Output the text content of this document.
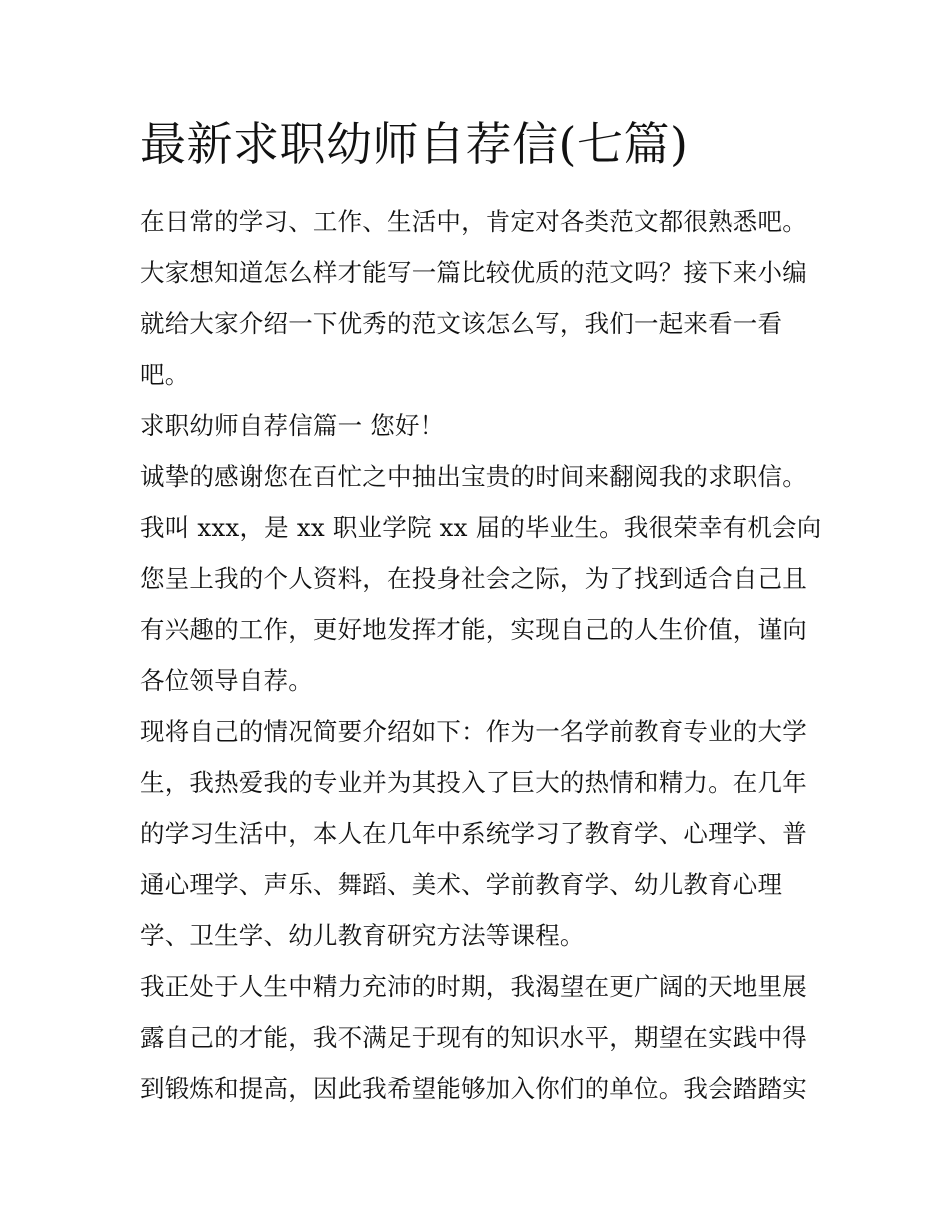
最新求职幼师自荐信(七篇)
在日常的学习、工作、生活中，肯定对各类范文都很熟悉吧。
大家想知道怎么样才能写一篇比较优质的范文吗？接下来小编
就给大家介绍一下优秀的范文该怎么写，我们一起来看一看
吧。
求职幼师自荐信篇一 您好！
诚挚的感谢您在百忙之中抽出宝贵的时间来翻阅我的求职信。
我叫 xxx，是 xx 职业学院 xx 届的毕业生。我很荣幸有机会向
您呈上我的个人资料，在投身社会之际，为了找到适合自己且
有兴趣的工作，更好地发挥才能，实现自己的人生价值，谨向
各位领导自荐。
现将自己的情况简要介绍如下：作为一名学前教育专业的大学
生，我热爱我的专业并为其投入了巨大的热情和精力。在几年
的学习生活中，本人在几年中系统学习了教育学、心理学、普
通心理学、声乐、舞蹈、美术、学前教育学、幼儿教育心理
学、卫生学、幼儿教育研究方法等课程。
我正处于人生中精力充沛的时期，我渴望在更广阔的天地里展
露自己的才能，我不满足于现有的知识水平，期望在实践中得
到锻炼和提高，因此我希望能够加入你们的单位。我会踏踏实
